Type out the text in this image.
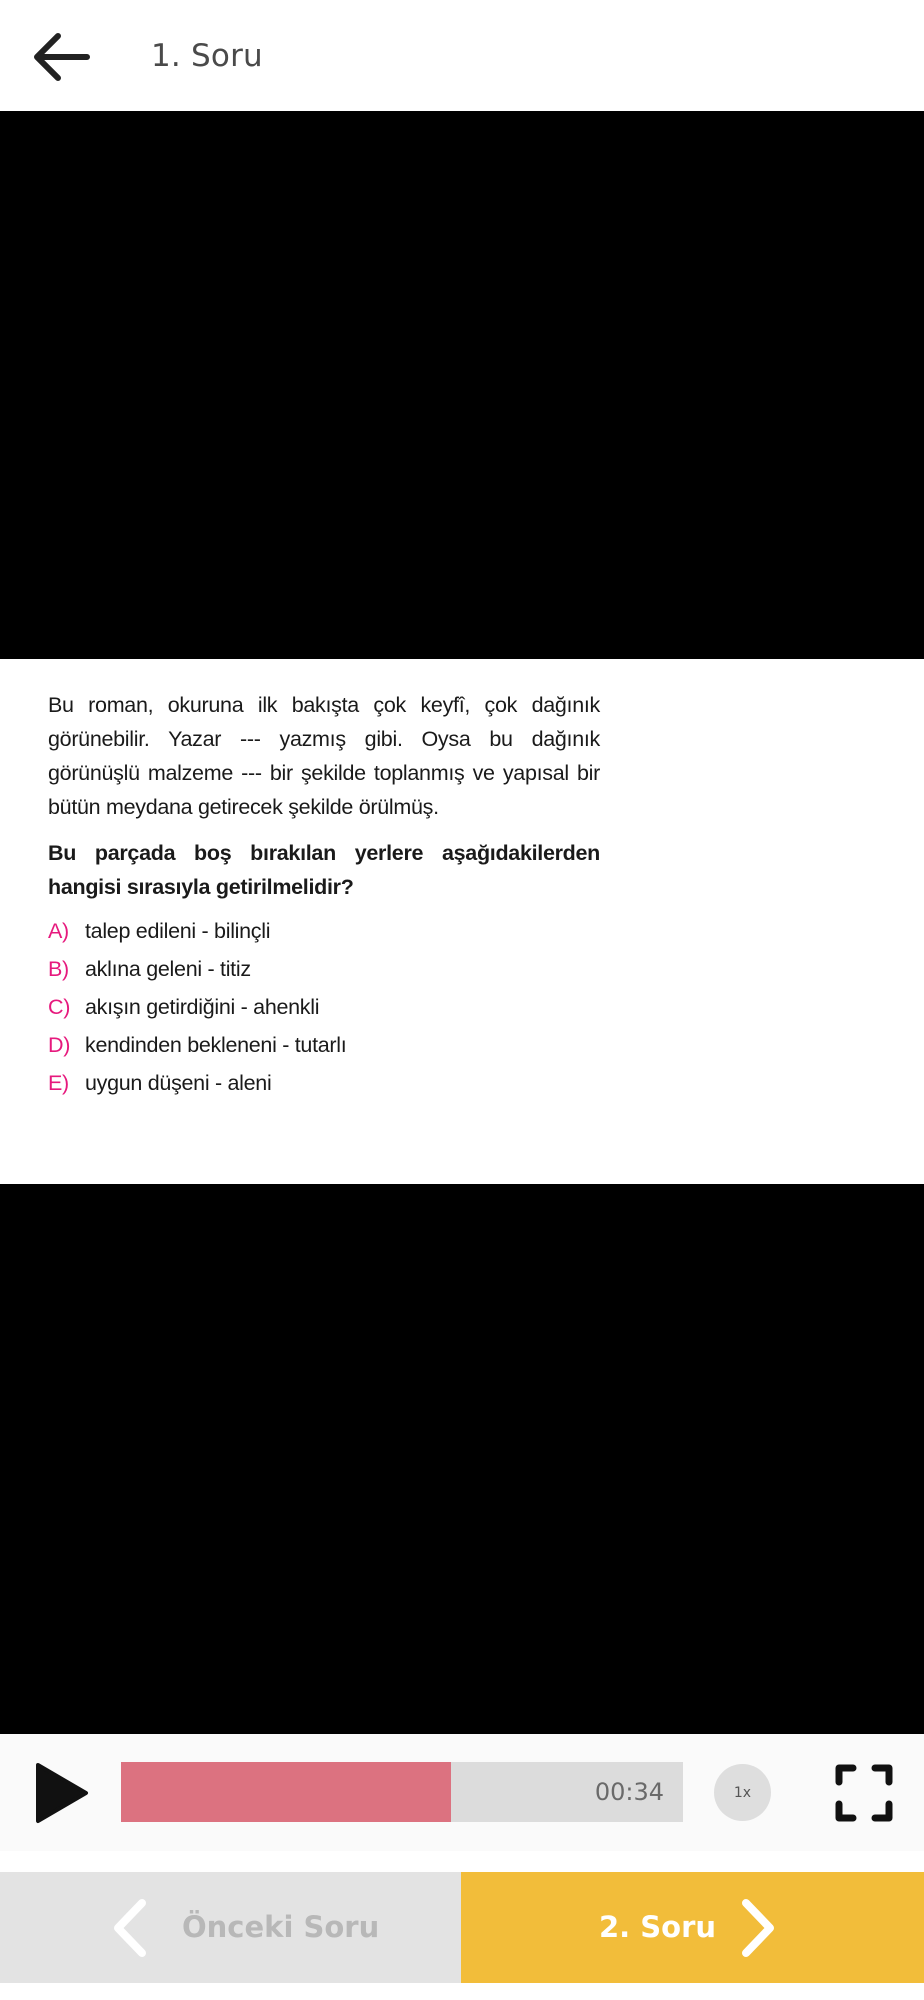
1. Soru
Bu roman, okuruna ilk bakışta çok keyfî, çok dağınık görünebilir. Yazar --- yazmış gibi. Oysa bu dağınık görünüşlü malzeme --- bir şekilde toplanmış ve yapısal bir bütün meydana getirecek şekilde örülmüş.
Bu parçada boş bırakılan yerlere aşağıdakilerden hangisi sırasıyla getirilmelidir?
A) talep edileni - bilinçli
B) aklına geleni - titiz
C) akışın getirdiğini - ahenkli
D) kendinden bekleneni - tutarlı
E) uygun düşeni - aleni
00:34	1x
Önceki Soru	2. Soru
